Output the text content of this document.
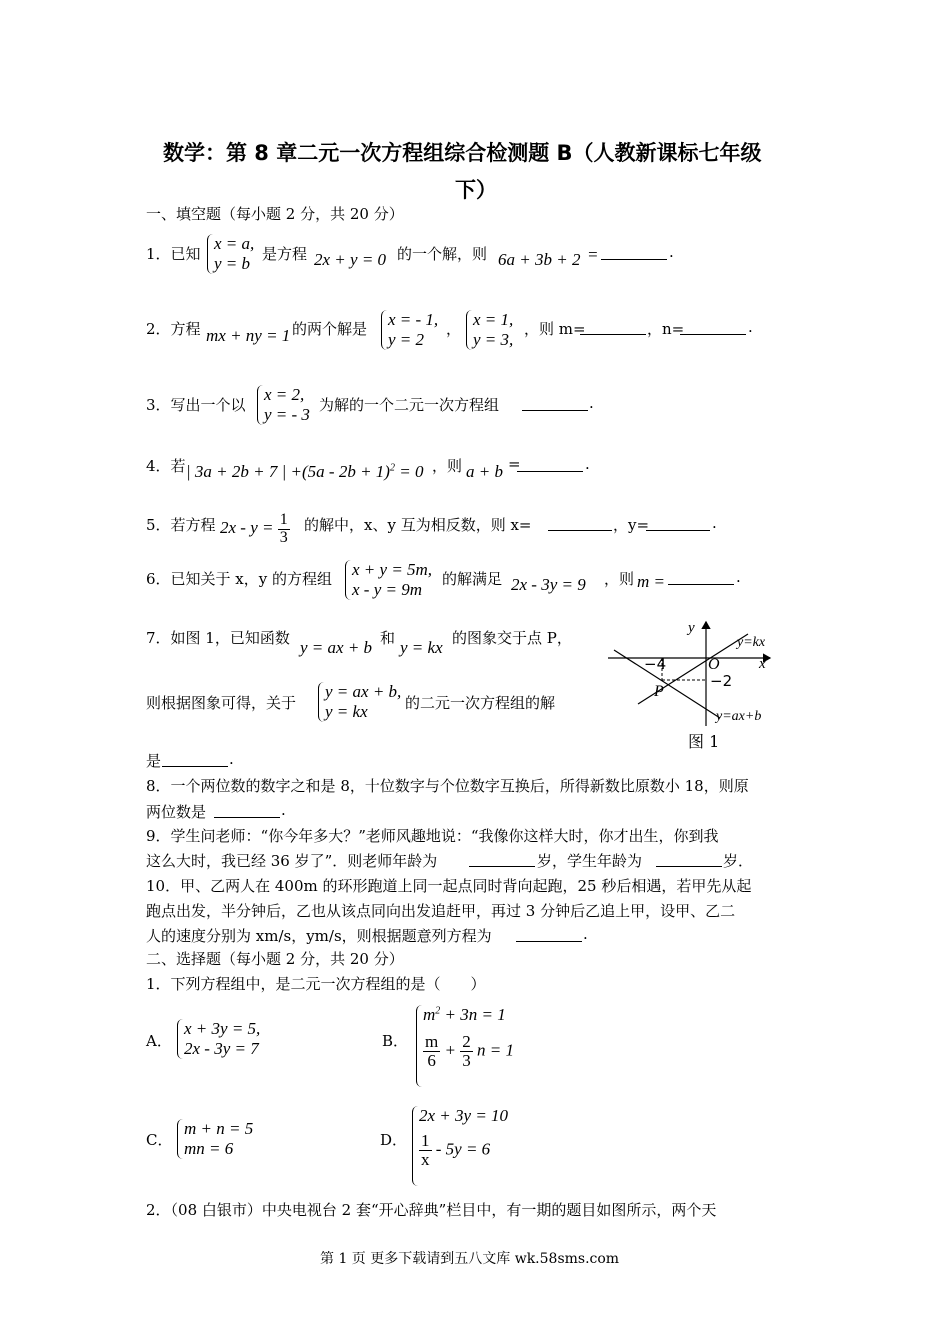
数学：第 8 章二元一次方程组综合检测题 B（人教新课标七年级
下）
一、填空题（每小题 2 分，共 20 分）
1．已知
x = a,
y = b 是方程 2x + y = 0 的一个解，则 6a + 3b + 2 =	.
2．方程 mx + ny = 1 的两个解是 x = - 1,
y = 2
， x = 1,
y = 3,
，则 m=	，n=	.
3．写出一个以
x = 2,
y = - 3 为解的一个二元一次方程组	.
4．若 | 3a + 2b + 7 | $+(5a - 2b + 1)^2 = 0$ ，则 a + b =	.
5．若方程 $2x - y = \frac{1}{3}$ 的解中，x、y 互为相反数，则 x=	，y=	.
6．已知关于 x，y 的方程组 x + y = 5m,
x - y = 9m
的解满足 2x - 3y = 9 ，则 m =	.
7．如图 1，已知函数 y = ax + b 和 y = kx 的图象交于点 P，
则根据图象可得，关于
y = ax + b,
y = kx	的二元一次方程组的解
是	.
y
x
O
y=kx
y=ax+b
−4
−2
P
图 1
8．一个两位数的数字之和是 8，十位数字与个位数字互换后，所得新数比原数小 18，则原
两位数是	.
9．学生问老师：“你今年多大？”老师风趣地说：“我像你这样大时，你才出生，你到我
这么大时，我已经 36 岁了”．则老师年龄为	岁，学生年龄为	岁．
10．甲、乙两人在 400m 的环形跑道上同一起点同时背向起跑，25 秒后相遇，若甲先从起
跑点出发，半分钟后，乙也从该点同向出发追赶甲，再过 3 分钟后乙追上甲，设甲、乙二
人的速度分别为 xm/s，ym/s，则根据题意列方程为	.
二、选择题（每小题 2 分，共 20 分）
1．下列方程组中，是二元一次方程组的是（　　）
A．
x + 3y = 5,
2x - 3y = 7	B．
$m^2 + 3n = 1$
$\frac{m}{6} + \frac{2}{3}$ n = 1
C．
m + n = 5
mn = 6	D．
2x + 3y = 10
$\frac{1}{x} - 5y = 6$
2．（08 白银市）中央电视台 2 套“开心辞典”栏目中，有一期的题目如图所示，两个天
第 1 页 更多下载请到五八文库 wk.58sms.com
